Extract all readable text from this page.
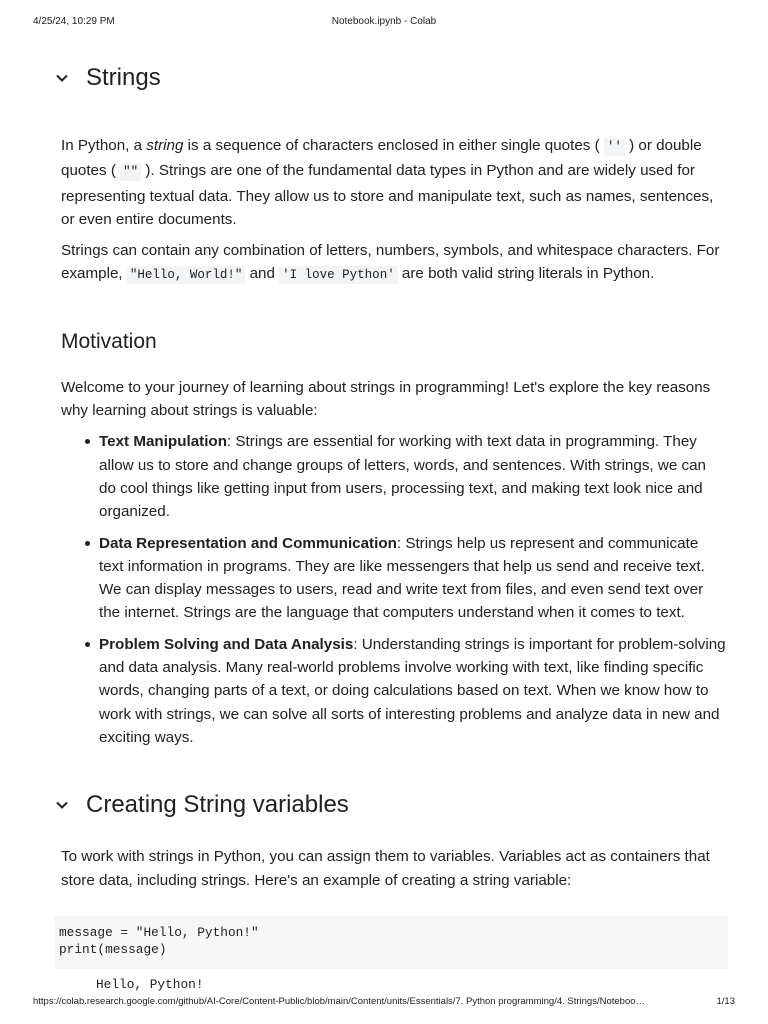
4/25/24, 10:29 PM	Notebook.ipynb - Colab
Strings

In Python, a string is a sequence of characters enclosed in either single quotes ( '' ) or double quotes ( "" ). Strings are one of the fundamental data types in Python and are widely used for representing textual data. They allow us to store and manipulate text, such as names, sentences, or even entire documents.

Strings can contain any combination of letters, numbers, symbols, and whitespace characters. For example, "Hello, World!" and 'I love Python' are both valid string literals in Python.

Motivation

Welcome to your journey of learning about strings in programming! Let's explore the key reasons why learning about strings is valuable:

Text Manipulation: Strings are essential for working with text data in programming. They allow us to store and change groups of letters, words, and sentences. With strings, we can do cool things like getting input from users, processing text, and making text look nice and organized.
Data Representation and Communication: Strings help us represent and communicate text information in programs. They are like messengers that help us send and receive text. We can display messages to users, read and write text from files, and even send text over the internet. Strings are the language that computers understand when it comes to text.
Problem Solving and Data Analysis: Understanding strings is important for problem-solving and data analysis. Many real-world problems involve working with text, like finding specific words, changing parts of a text, or doing calculations based on text. When we know how to work with strings, we can solve all sorts of interesting problems and analyze data in new and exciting ways.
Creating String variables

To work with strings in Python, you can assign them to variables. Variables act as containers that store data, including strings. Here's an example of creating a string variable:

message = "Hello, Python!"
print(message)
Hello, Python!
https://colab.research.google.com/github/AI-Core/Content-Public/blob/main/Content/units/Essentials/7. Python programming/4. Strings/Noteboo…	1/13
